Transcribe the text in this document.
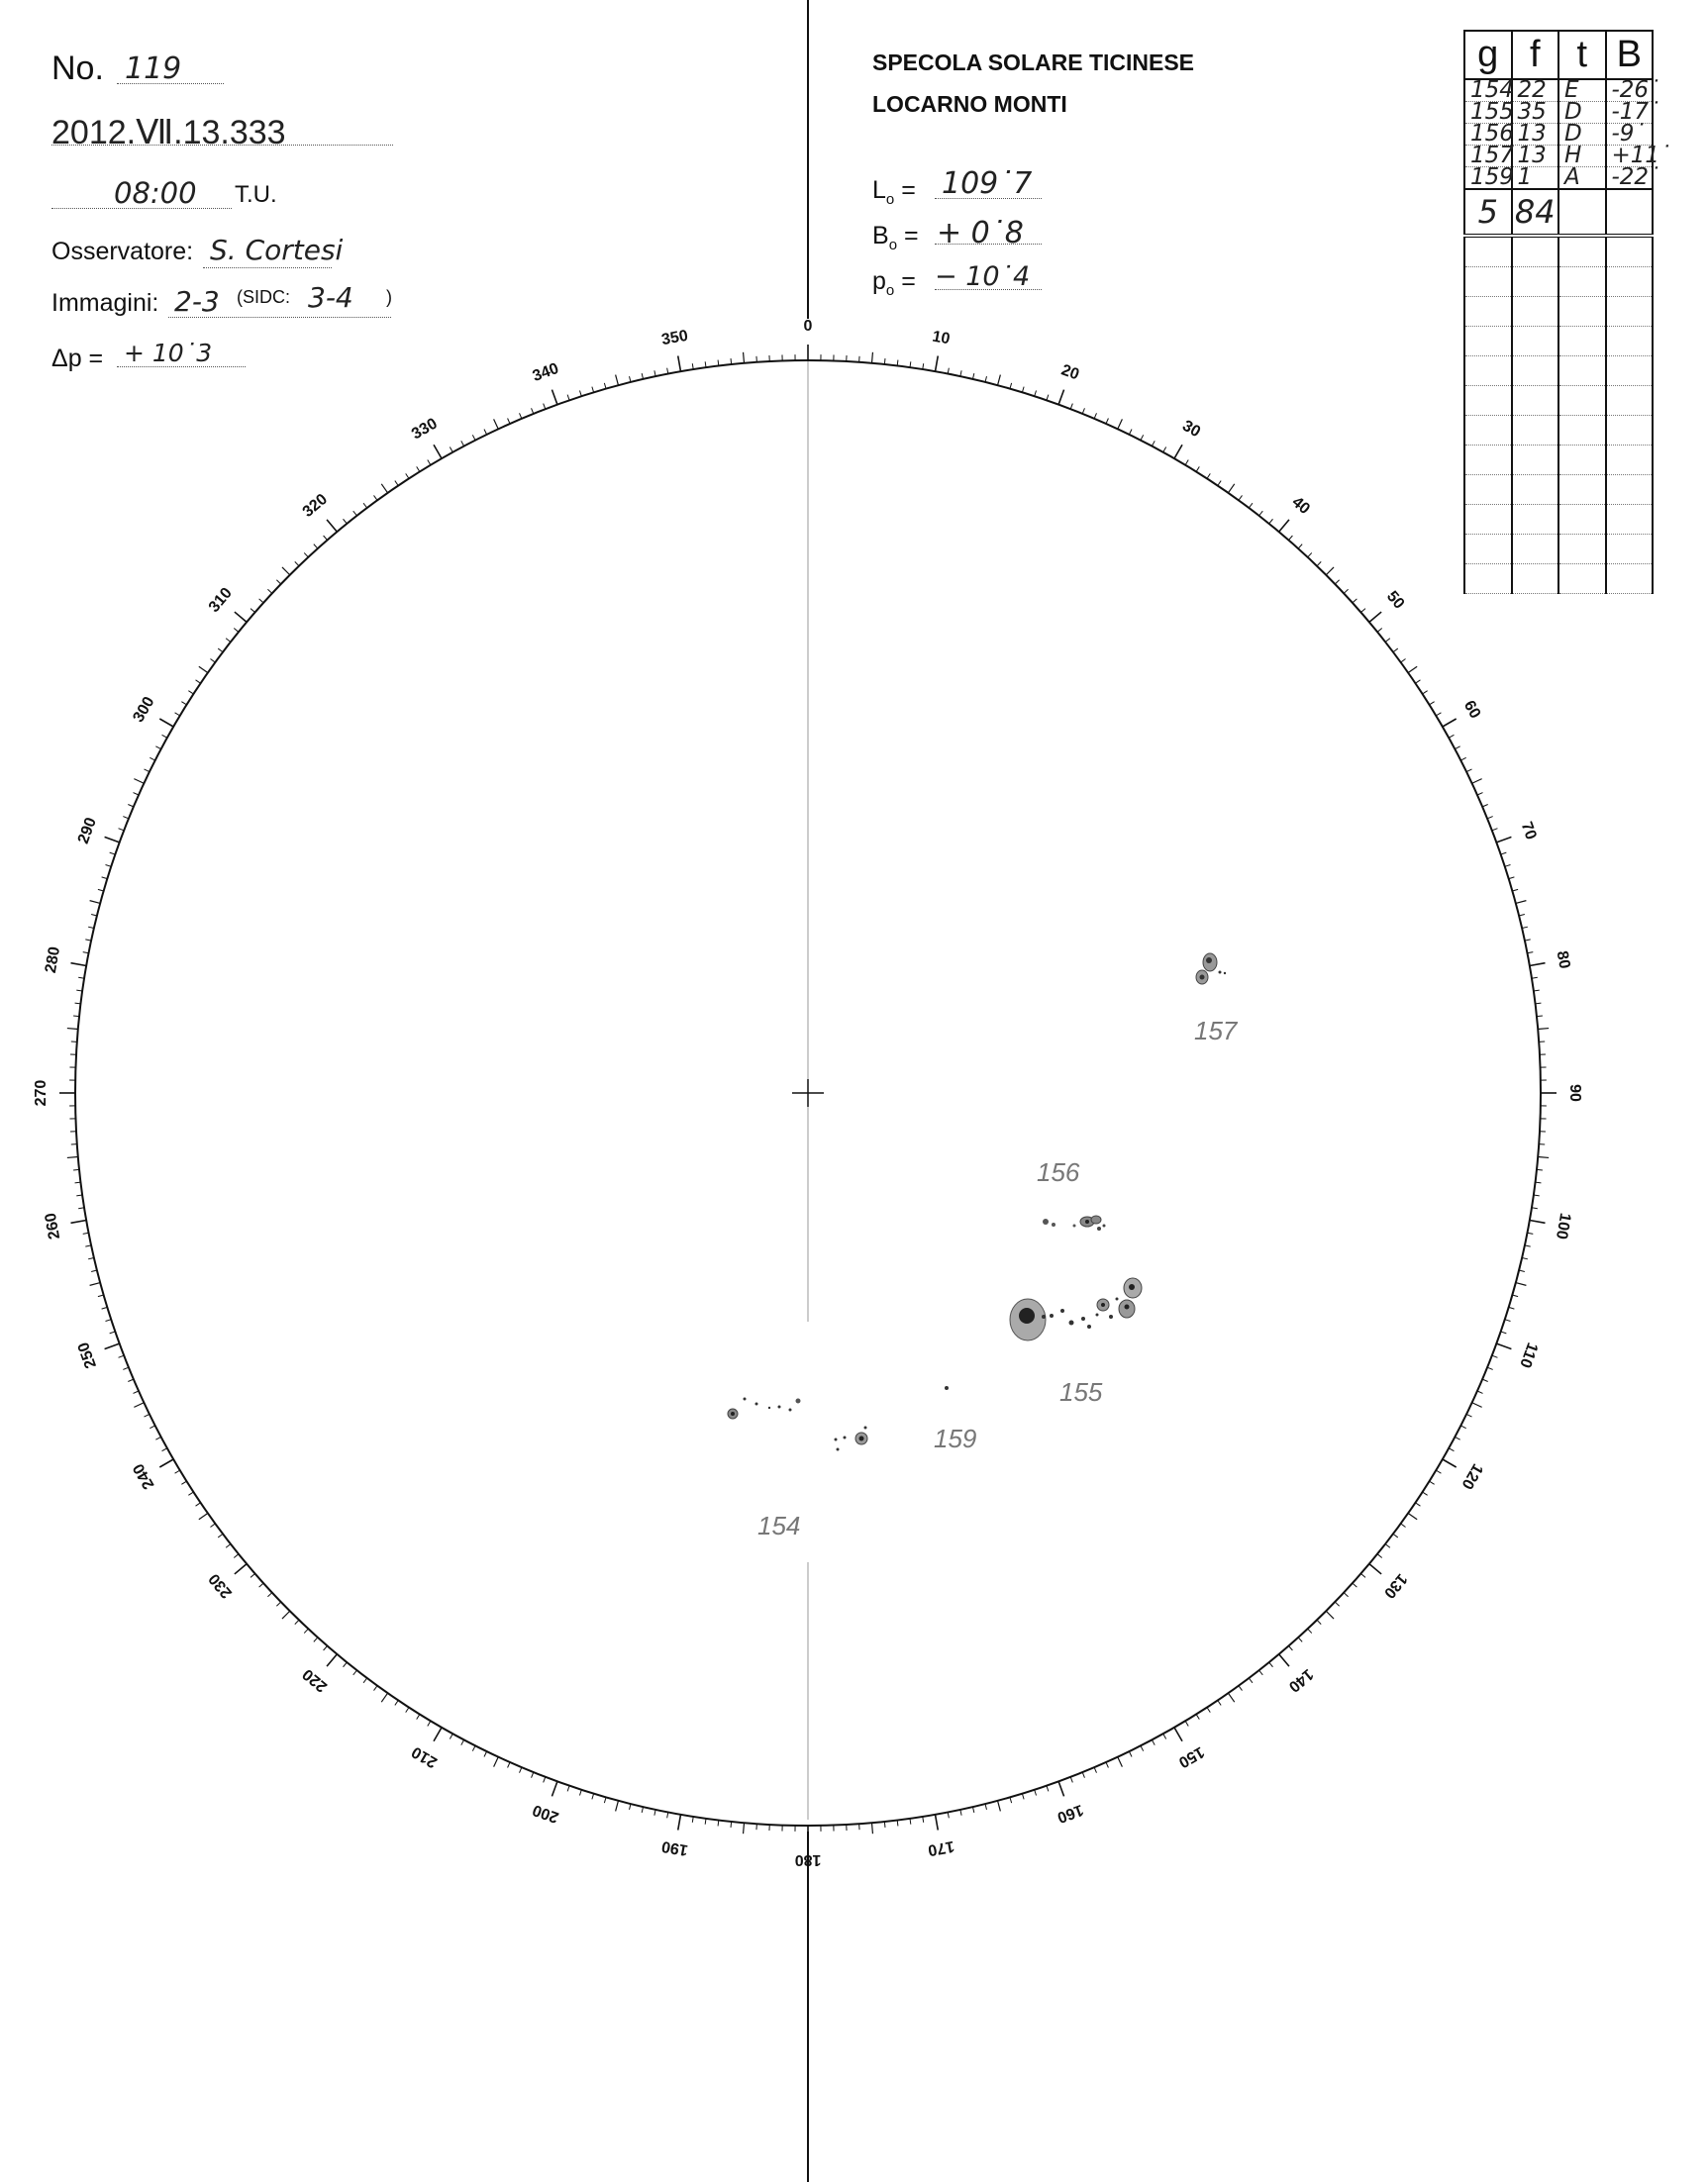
No. 119
2012.Ⅶ.13.333
08:00 T.U.
Osservatore: S. Cortesi
Immagini: 2-3 (SIDC: 3-4 )
Δp = + 10˙3
SPECOLA SOLARE TICINESE
LOCARNO MONTI
$L_o$ = 109˙7
$B_o$ = + 0˙8
$p_o$ = − 10˙4
g	f	t	B
154	22	E	-26˙
155	35	D	-17˙
156	13	D	-9˙
157	13	H	+11˙
159	1	A	-22˙
5	84		

0
10
20
30
40
50
60
70
80
90
100
110
120
130
140
150
160
170
180
190
200
210
220
230
240
250
260
270
280
290
300
310
320
330
340
350
157
156
155
159
154
